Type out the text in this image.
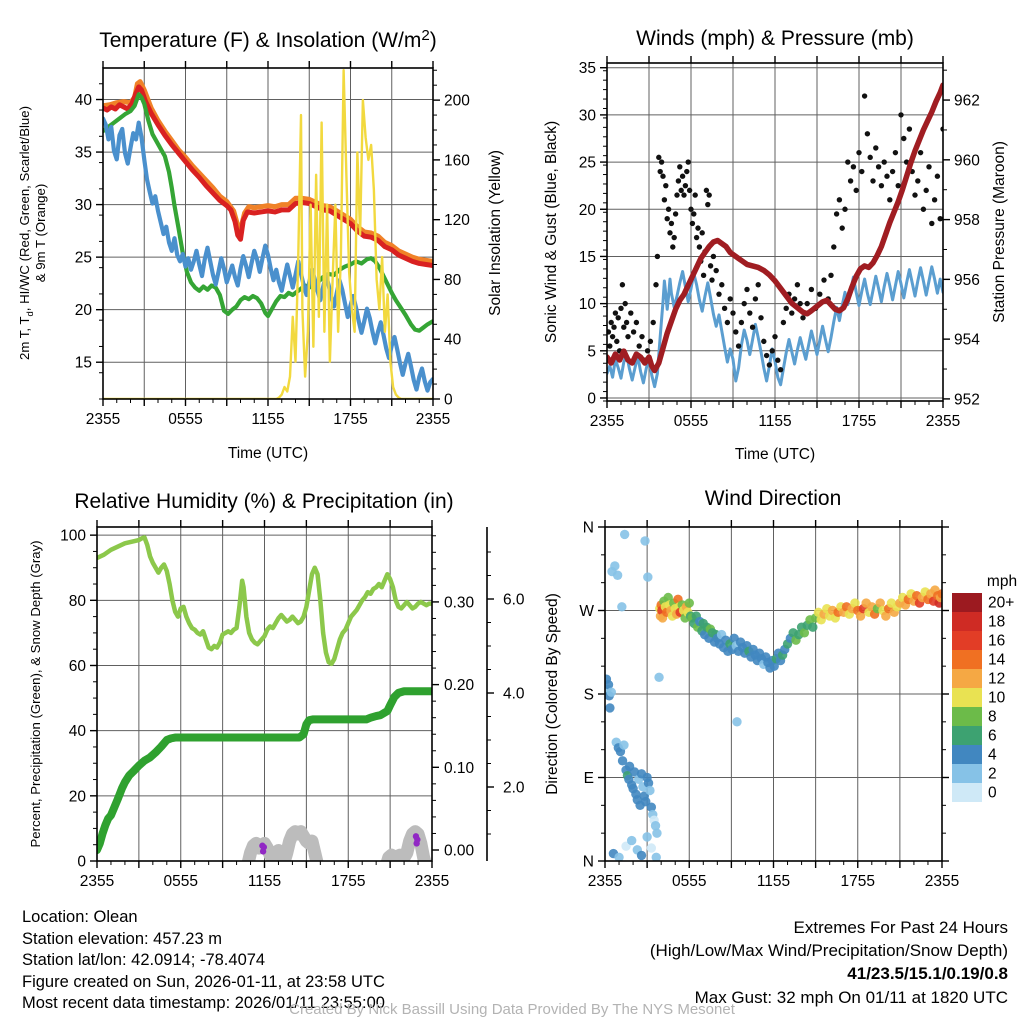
Temperature (F) & Insolation $(W/m^2)$
2m T, $T_d$, HI/WC (Red, Green, Scarlet/Blue) & 9m T (Orange)	Solar Insolation (Yellow)
Time (UTC)
2355	0555	1155	1755	2355
15
20
25
30
35
40
0
40
80
120
160
200
Winds (mph) & Pressure (mb)
Sonic Wind & Gust (Blue, Black)	Station Pressure (Maroon)
Time (UTC)
2355	0555	1155	1755	2355
0
5
10
15
20
25
30
35
952
954
956
958
960
962
Relative Humidity (%) & Precipitation (in)
Percent, Precipitation (Green), & Snow Depth (Gray)
2355	0555	1155	1755	2355
0
20
40
60
80
100
0.00
0.10
0.20
0.30
2.0
4.0
6.0
Wind Direction
Direction (Colored By Speed)
mph
2355	0555	1155	1755	2355
N
E
S
W
N
20+
18
16
14
12
10
8
6
4
2
0
Location: Olean
Station elevation: 457.23 m
Station lat/lon: 42.0914; -78.4074
Figure created on Sun, 2026-01-11, at 23:58 UTC
Most recent data timestamp: 2026/01/11 23:55:00
Extremes For Past 24 Hours
(High/Low/Max Wind/Precipitation/Snow Depth)
41/23.5/15.1/0.19/0.8
Max Gust: 32 mph On 01/11 at 1820 UTC
Created By Nick Bassill Using Data Provided By The NYS Mesonet
